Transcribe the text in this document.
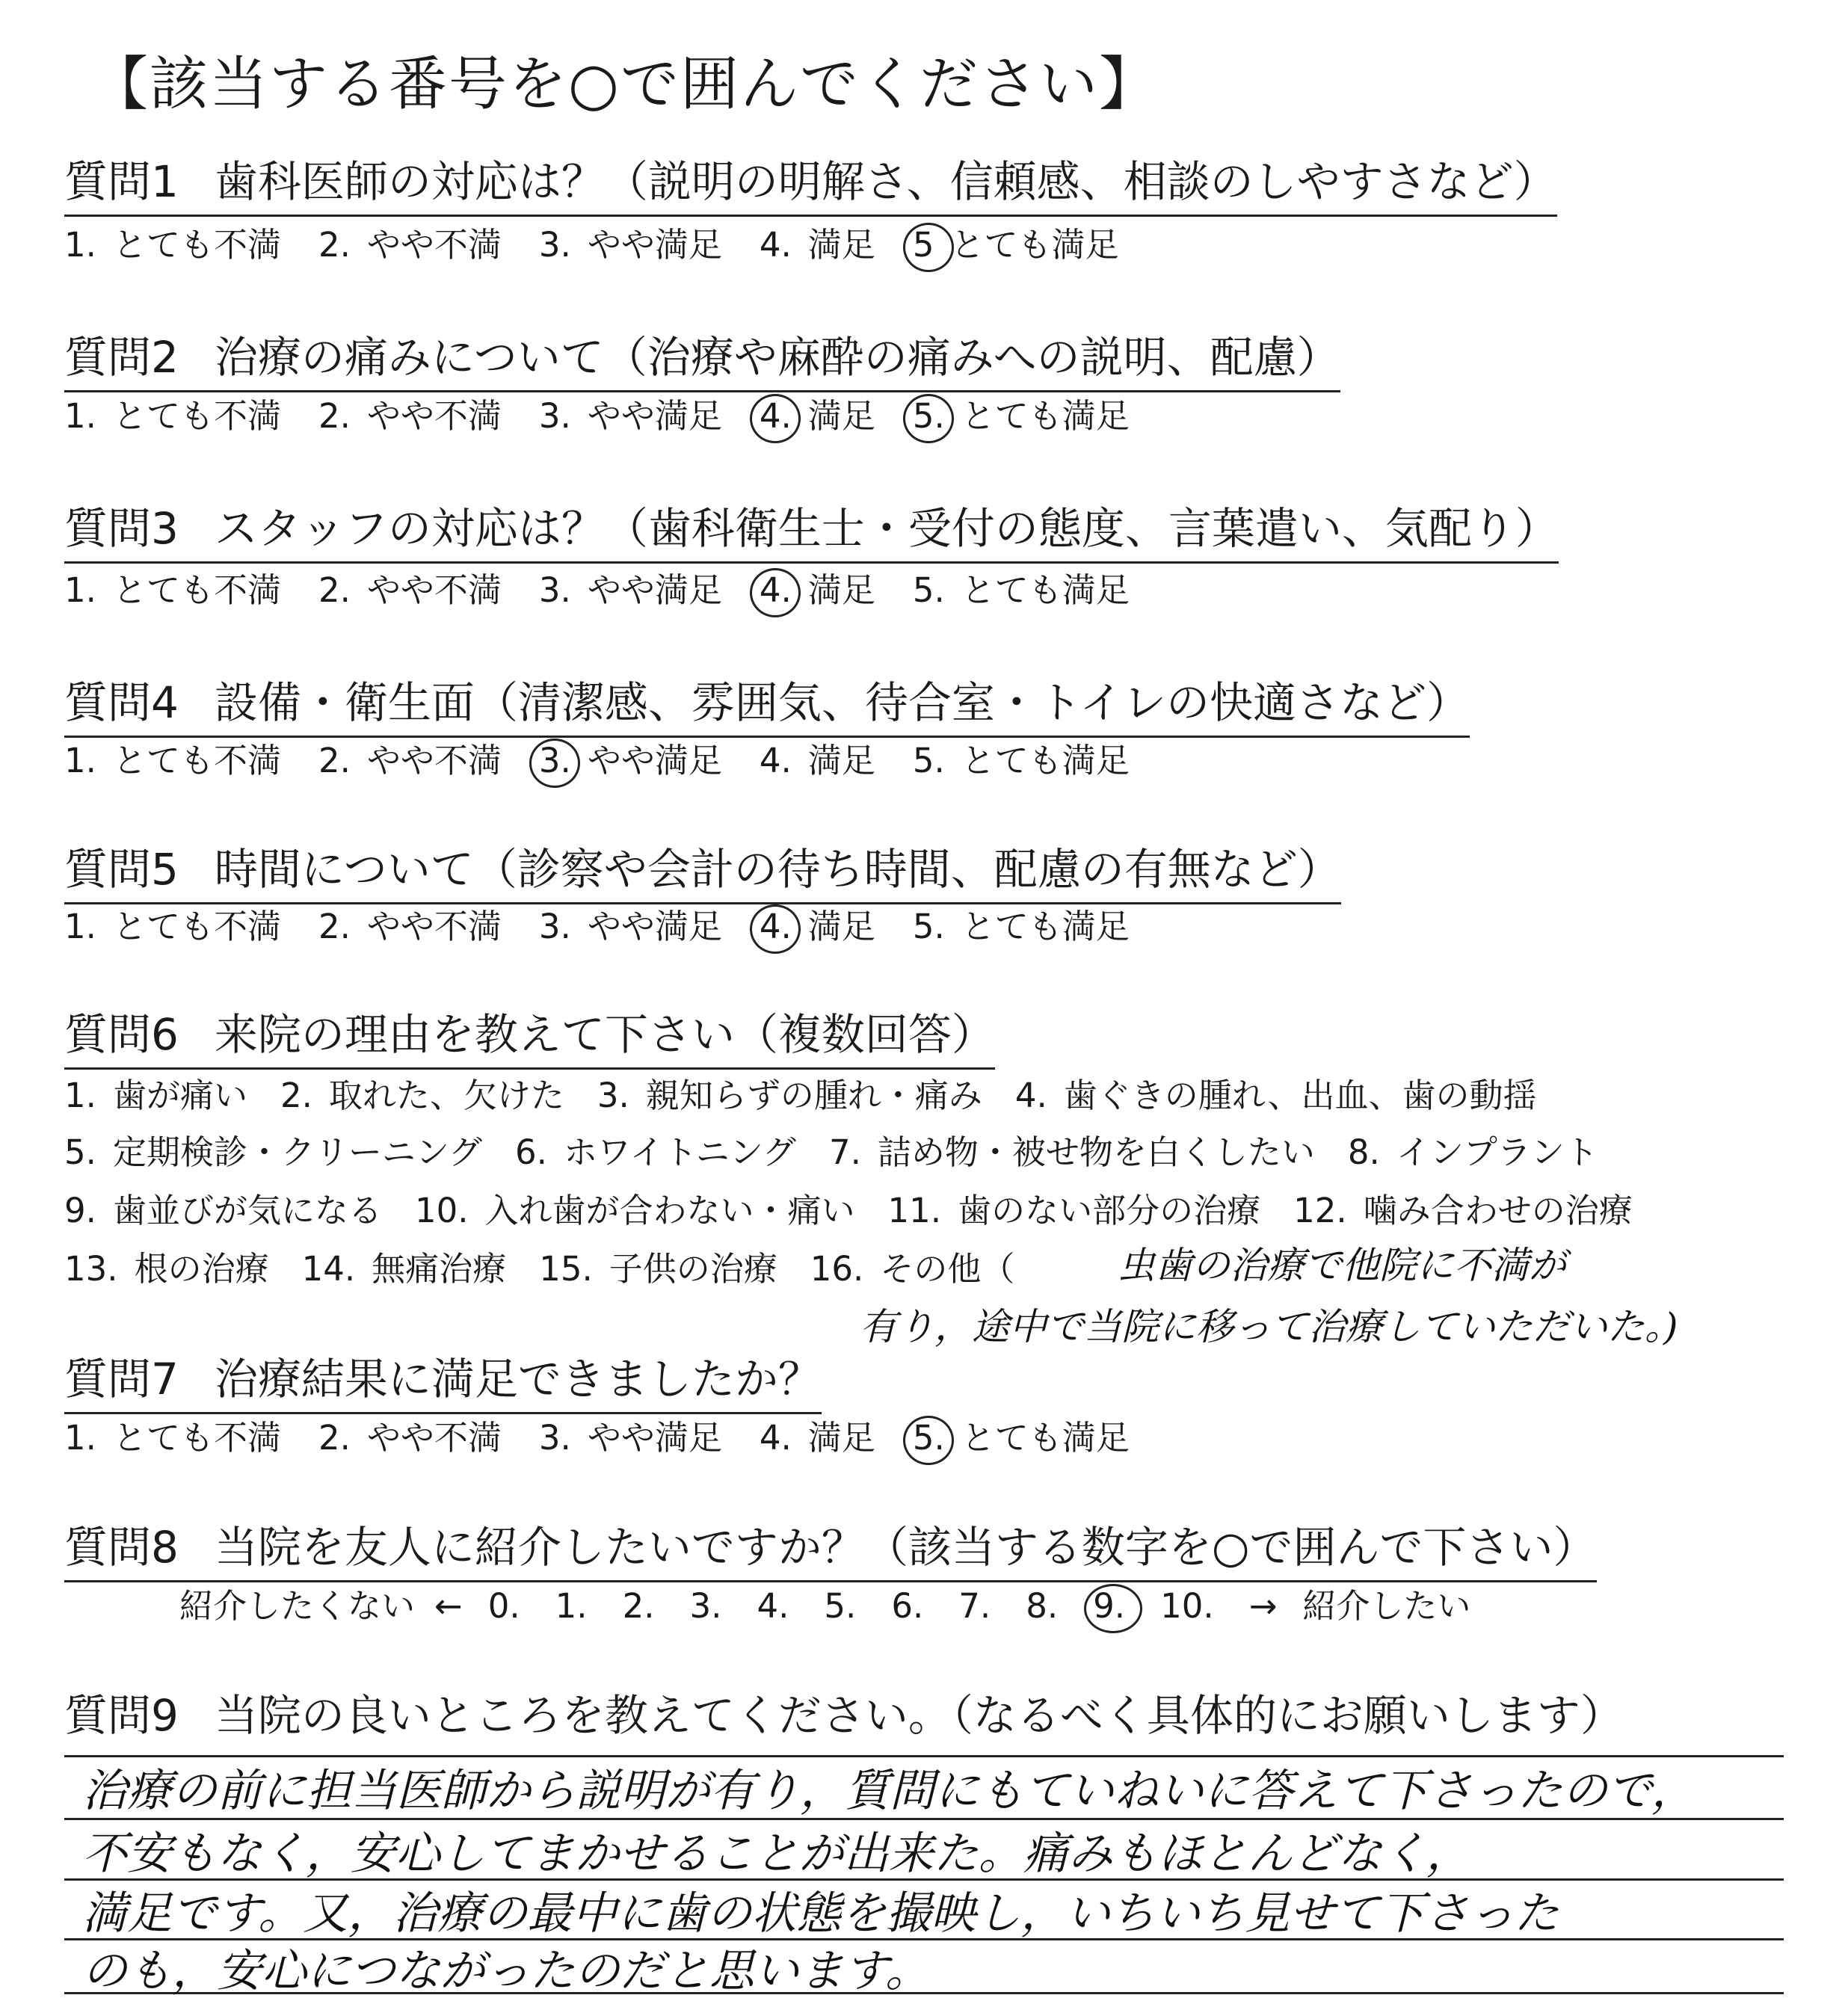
【該当する番号を○で囲んでください】
質問1 歯科医師の対応は？（説明の明解さ、信頼感、相談のしやすさなど）
1. とても不満 2. やや不満 3. やや満足 4. 満足 5 とても満足
質問2 治療の痛みについて（治療や麻酔の痛みへの説明、配慮）
1. とても不満 2. やや不満 3. やや満足 4. 満足 5. とても満足
質問3 スタッフの対応は？（歯科衛生士・受付の態度、言葉遣い、気配り）
1. とても不満 2. やや不満 3. やや満足 4. 満足 5. とても満足
質問4 設備・衛生面（清潔感、雰囲気、待合室・トイレの快適さなど）
1. とても不満 2. やや不満 3. やや満足 4. 満足 5. とても満足
質問5 時間について（診察や会計の待ち時間、配慮の有無など）
1. とても不満 2. やや不満 3. やや満足 4. 満足 5. とても満足
質問6 来院の理由を教えて下さい（複数回答）
1. 歯が痛い 2. 取れた、欠けた 3. 親知らずの腫れ・痛み 4. 歯ぐきの腫れ、出血、歯の動揺
5. 定期検診・クリーニング 6. ホワイトニング 7. 詰め物・被せ物を白くしたい 8. インプラント
9. 歯並びが気になる 10. 入れ歯が合わない・痛い 11. 歯のない部分の治療 12. 噛み合わせの治療
13. 根の治療 14. 無痛治療 15. 子供の治療 16. その他（	虫歯の治療で他院に不満が
有り，途中で当院に移って治療していただいた。)
質問7 治療結果に満足できましたか？
1. とても不満 2. やや不満 3. やや満足 4. 満足 5. とても満足
質問8 当院を友人に紹介したいですか？（該当する数字を○で囲んで下さい）
紹介したくない ← 0. 1. 2. 3. 4. 5. 6. 7. 8. 9. 10. → 紹介したい
質問9 当院の良いところを教えてください。（なるべく具体的にお願いします）
治療の前に担当医師から説明が有り，質問にもていねいに答えて下さったので，
不安もなく，安心してまかせることが出来た。痛みもほとんどなく，
満足です。又，治療の最中に歯の状態を撮映し，いちいち見せて下さった
のも，安心につながったのだと思います。
